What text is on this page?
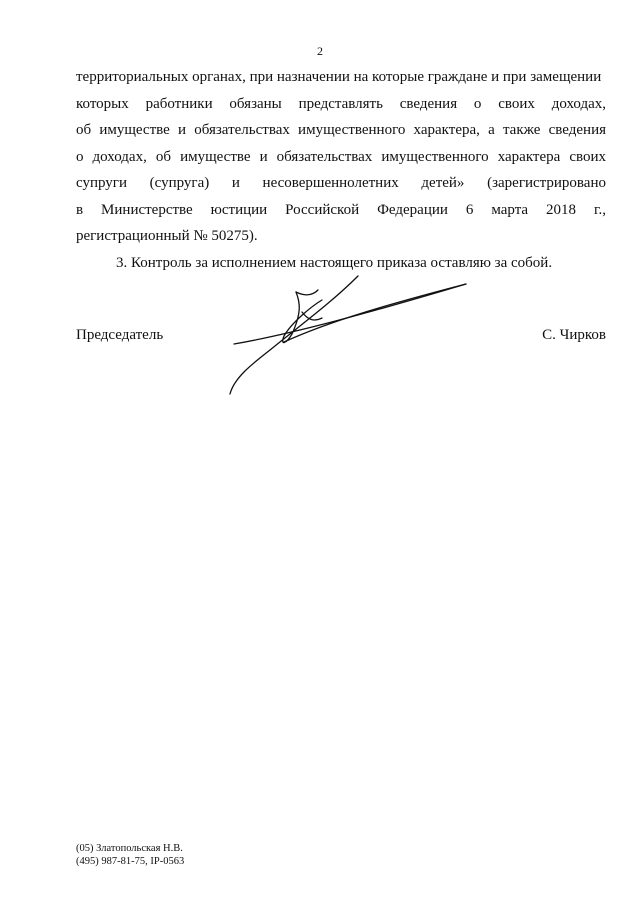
2
территориальных органах, при назначении на которые граждане и при замещении
которых работники обязаны представлять сведения о своих доходах,
об имуществе и обязательствах имущественного характера, а также сведения
о доходах, об имуществе и обязательствах имущественного характера своих
супруги (супруга) и несовершеннолетних детей» (зарегистрировано
в Министерстве юстиции Российской Федерации 6 марта 2018 г.,
регистрационный № 50275).
3. Контроль за исполнением настоящего приказа оставляю за собой.
Председатель	С. Чирков
(05) Златопольская Н.В.
(495) 987-81-75, IP-0563
